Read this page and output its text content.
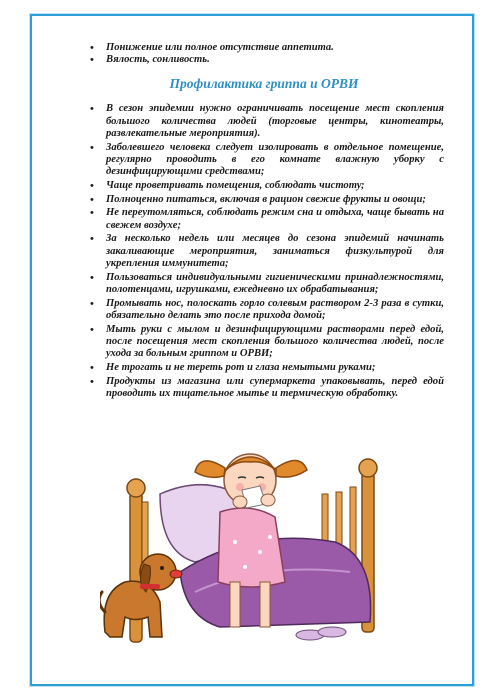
• Понижение или полное отсутствие аппетита.
• Вялость, сонливость.
Профилактика гриппа и ОРВИ
• В сезон эпидемии нужно ограничивать посещение мест скопления большого количества людей (торговые центры, кинотеатры, развлекательные мероприятия).
• Заболевшего человека следует изолировать в отдельное помещение, регулярно проводить в его комнате влажную уборку с дезинфицирующими средствами;
• Чаще проветривать помещения, соблюдать чистоту;
• Полноценно питаться, включая в рацион свежие фрукты и овощи;
• Не переутомляться, соблюдать режим сна и отдыха, чаще бывать на свежем воздухе;
• За несколько недель или месяцев до сезона эпидемий начинать закаливающие мероприятия, заниматься физкультурой для укрепления иммунитета;
• Пользоваться индивидуальными гигиеническими принадлежностями, полотенцами, игрушками, ежедневно их обрабатывания;
• Промывать нос, полоскать горло солевым раствором 2-3 раза в сутки, обязательно делать это после прихода домой;
• Мыть руки с мылом и дезинфицирующими растворами перед едой, после посещения мест скопления большого количества людей, после ухода за больным гриппом и ОРВИ;
• Не трогать и не тереть рот и глаза немытыми руками;
• Продукты из магазина или супермаркета упаковывать, перед едой проводить их тщательное мытье и термическую обработку.
